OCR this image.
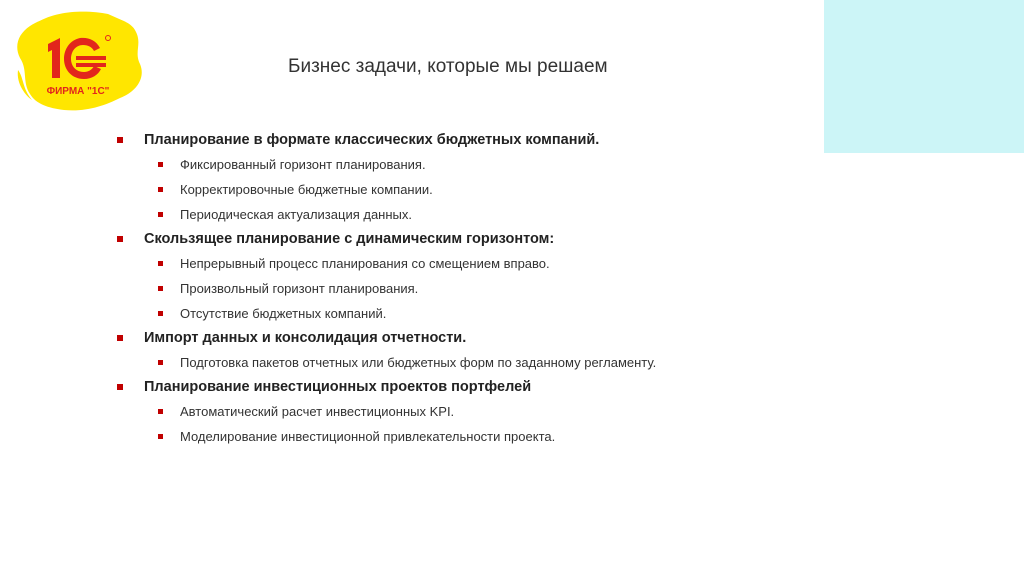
ФИРМА "1С"
Бизнес задачи, которые мы решаем
Планирование в формате классических бюджетных компаний.
Фиксированный горизонт планирования.
Корректировочные бюджетные компании.
Периодическая актуализация данных.
Скользящее планирование с динамическим горизонтом:
Непрерывный процесс планирования со смещением вправо.
Произвольный горизонт планирования.
Отсутствие бюджетных компаний.
Импорт данных и консолидация отчетности.
Подготовка пакетов отчетных или бюджетных форм по заданному регламенту.
Планирование инвестиционных проектов портфелей
Автоматический расчет инвестиционных KPI.
Моделирование инвестиционной привлекательности проекта.
